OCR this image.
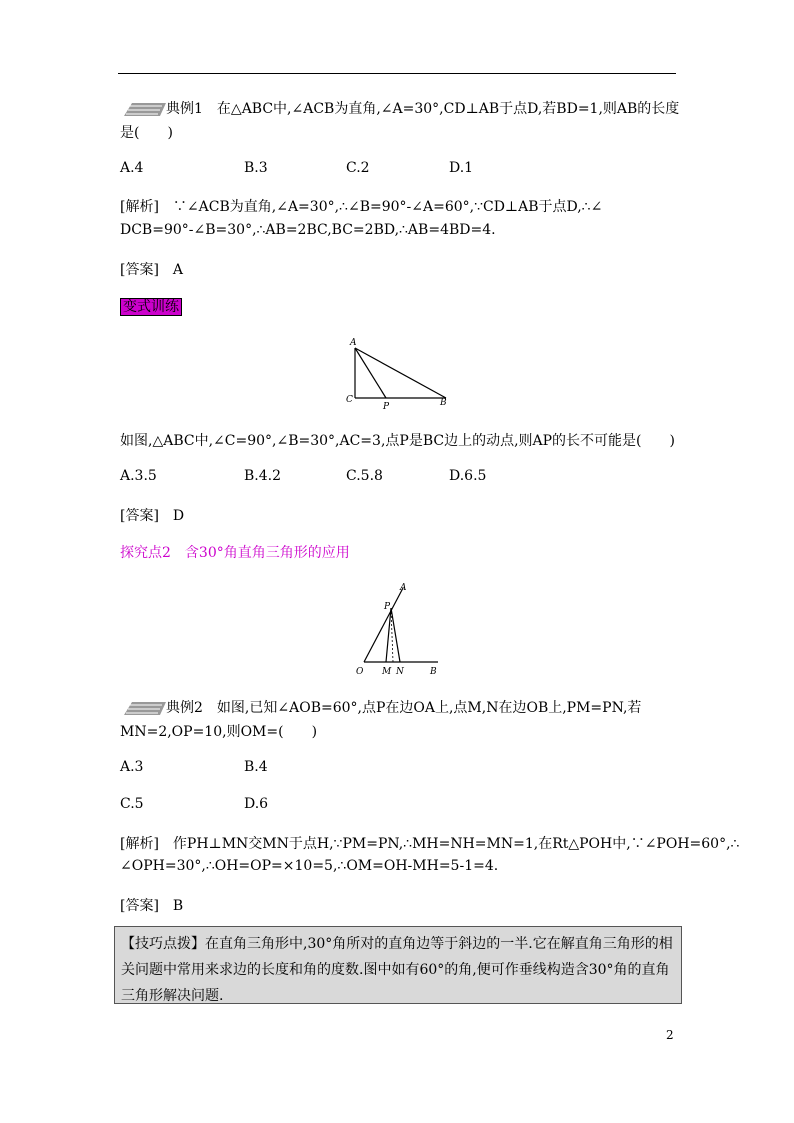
典例1　 在△ABC中,∠ACB为直角,∠A=30°,CD⊥AB于点D,若BD=1,则AB的长度
是(　　)
A.4	B.3	C.2	D.1
[解析]　∵∠ACB为直角,∠A=30°,∴∠B=90°-∠A=60°,∵CD⊥AB于点D,∴∠
DCB=90°-∠B=30°,∴AB=2BC,BC=2BD,∴AB=4BD=4.
[答案]　A
变式训练
A
C
P	B
如图,△ABC中,∠C=90°,∠B=30°,AC=3,点P是BC边上的动点,则AP的长不可能是(　　)
A.3.5	B.4.2	C.5.8	D.6.5
[答案]　D
探究点2　含30°角直角三角形的应用
A
P
O M N	B
典例2　 如图,已知∠AOB=60°,点P在边OA上,点M,N在边OB上,PM=PN,若
MN=2,OP=10,则OM=(　　)
A.3	B.4
C.5	D.6
[解析]　作PH⊥MN交MN于点H,∵PM=PN,∴MH=NH=MN=1,在Rt△POH中,∵∠POH=60°,∴
∠OPH=30°,∴OH=OP=×10=5,∴OM=OH-MH=5-1=4.
[答案]　B
【技巧点拨】在直角三角形中,30°角所对的直角边等于斜边的一半.它在解直角三角形的相关问题中常用来求边的长度和角的度数.图中如有60°的角,便可作垂线构造含30°角的直角三角形解决问题.
2
